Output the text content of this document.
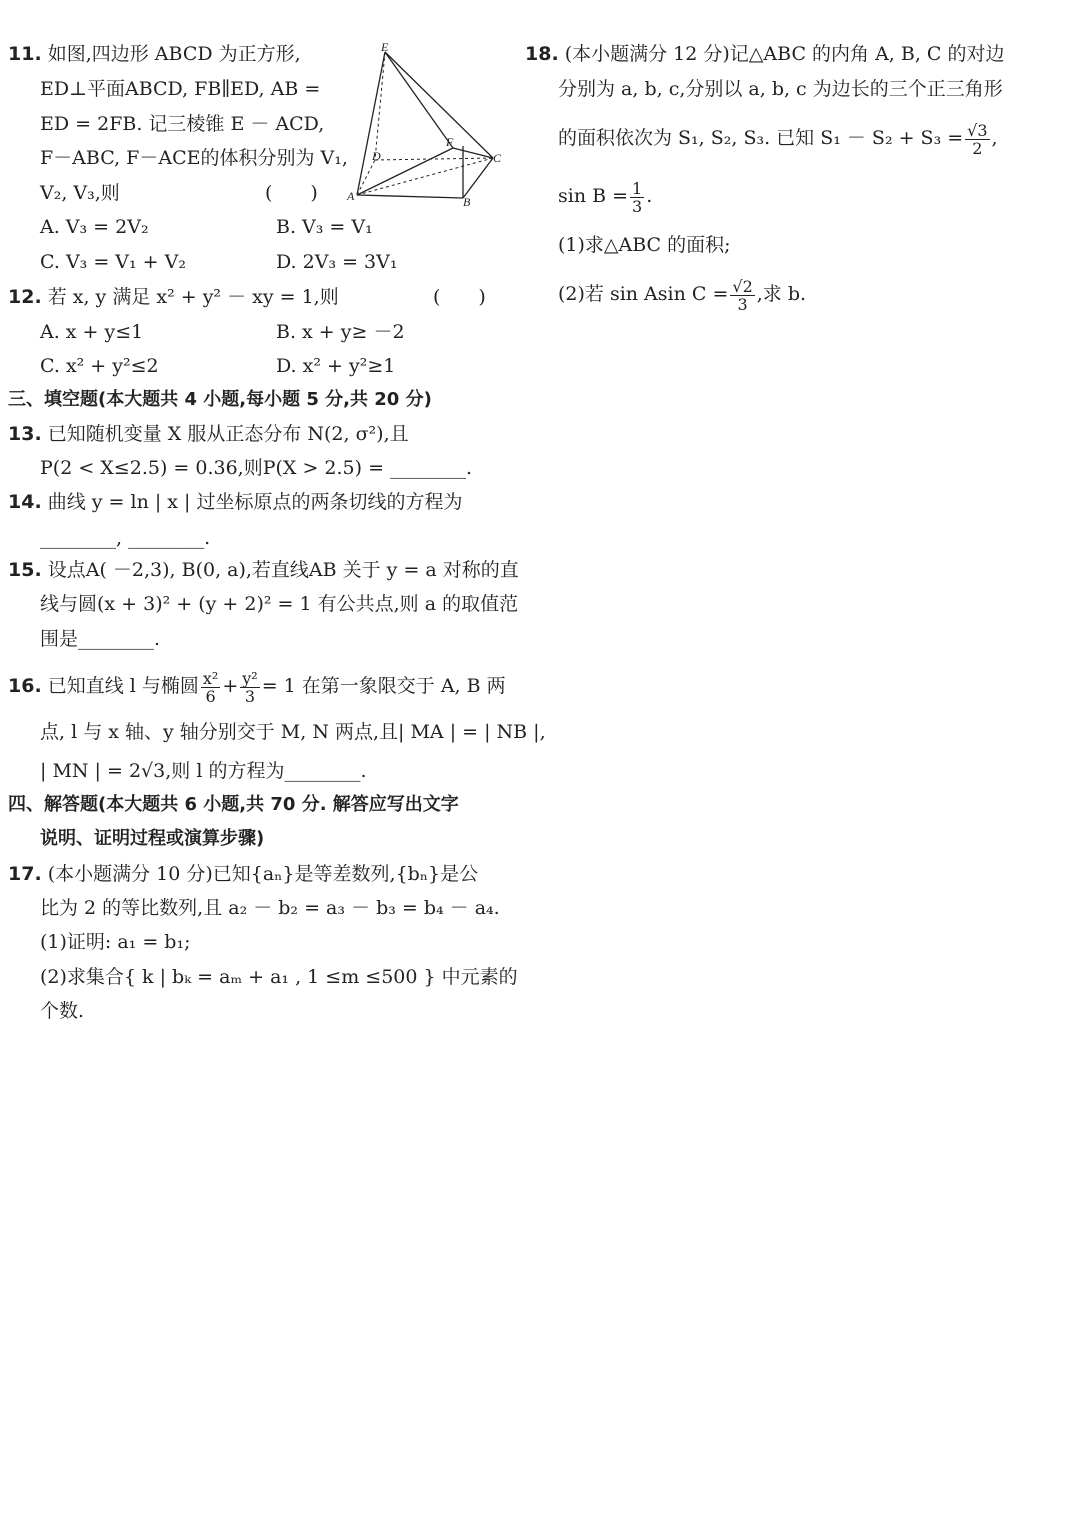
11. 如图,四边形 ABCD 为正方形,
ED⊥平面ABCD, FB∥ED, AB =
ED = 2FB. 记三棱锥 E － ACD,
F－ABC, F－ACE的体积分别为 V₁,
V₂, V₃,则	(　　)
E
D
F
C
A	B
A. V₃ = 2V₂	B. V₃ = V₁
C. V₃ = V₁ + V₂	D. 2V₃ = 3V₁
12. 若 x, y 满足 x² + y² － xy = 1,则	(　　)
A. x + y≤1	B. x + y≥ －2
C. x² + y²≤2	D. x² + y²≥1
三、填空题(本大题共 4 小题,每小题 5 分,共 20 分)
13. 已知随机变量 X 服从正态分布 N(2, σ²),且
P(2 < X≤2.5) = 0.36,则P(X > 2.5) = ________.
14. 曲线 y = ln | x | 过坐标原点的两条切线的方程为
________, ________.
15. 设点A( －2,3), B(0, a),若直线AB 关于 y = a 对称的直
线与圆(x + 3)² + (y + 2)² = 1 有公共点,则 a 的取值范
围是________.
16. 已知直线 l 与椭圆 $\frac{\text{x²}}{6} + \frac{\text{y²}}{3} = 1$ 在第一象限交于 A, B 两
点, l 与 x 轴、y 轴分别交于 M, N 两点,且| MA | = | NB |,
| MN | = 2√3,则 l 的方程为________.
四、解答题(本大题共 6 小题,共 70 分. 解答应写出文字
说明、证明过程或演算步骤)
17. (本小题满分 10 分)已知{aₙ}是等差数列,{bₙ}是公
比为 2 的等比数列,且 a₂ － b₂ = a₃ － b₃ = b₄ － a₄.
(1)证明: a₁ = b₁;
(2)求集合{ k | bₖ = aₘ + a₁ , 1 ≤m ≤500 } 中元素的
个数.
18. (本小题满分 12 分)记△ABC 的内角 A, B, C 的对边
分别为 a, b, c,分别以 a, b, c 为边长的三个正三角形
的面积依次为 S₁, S₂, S₃. 已知 $S_1 - S_2 + S_3 = \frac{√3}{2}$ ,
$\sin B = \frac{1}{3}$ .
(1)求△ABC 的面积;
(2)若 sin Asin $C = \frac{√2}{3}$ ,求 b.
